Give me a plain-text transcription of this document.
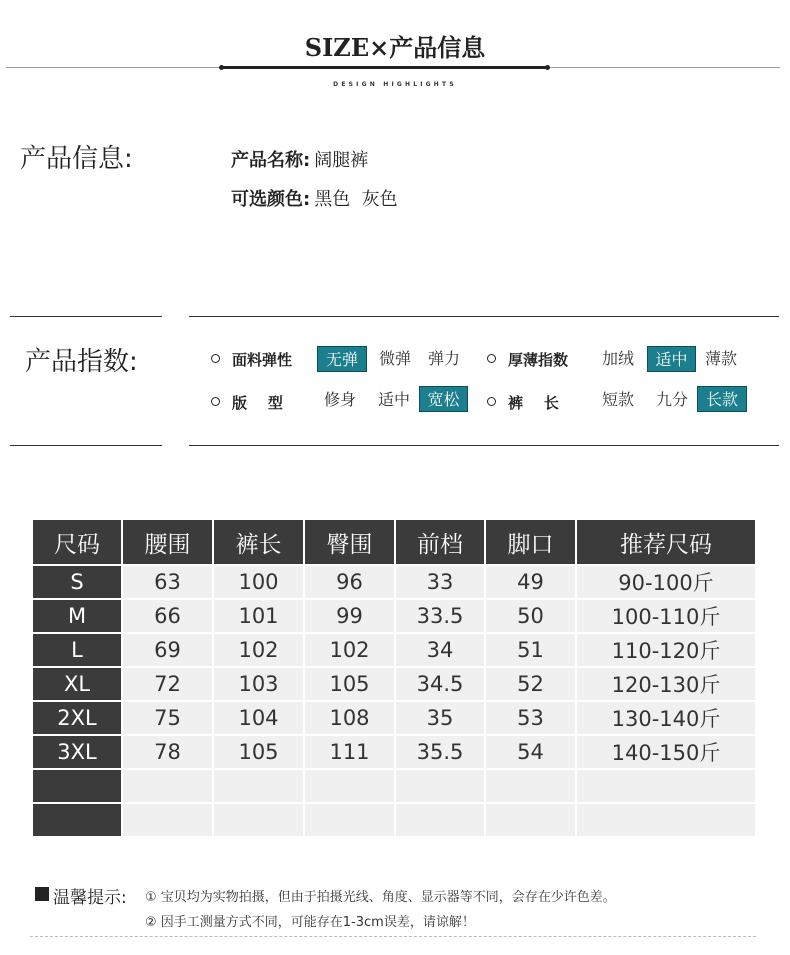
SIZE×产品信息
DESIGN HIGHLIGHTS
产品信息:	产品名称: 阔腿裤
可选颜色: 黑色  灰色
产品指数:	面料弹性	无弹	微弹	弹力	厚薄指数	加绒	适中	薄款
版    型	修身	适中	宽松	裤    长	短款	九分	长款
尺码	腰围	裤长	臀围	前档	脚口	推荐尺码
S	63	100	96	33	49	90-100斤
M	66	101	99	33.5	50	100-110斤
L	69	102	102	34	51	110-120斤
XL	72	103	105	34.5	52	120-130斤
2XL	75	104	108	35	53	130-140斤
3XL	78	105	111	35.5	54	140-150斤

温馨提示: ① 宝贝均为实物拍摄，但由于拍摄光线、角度、显示器等不同，会存在少许色差。
② 因手工测量方式不同，可能存在1-3cm误差，请谅解！
